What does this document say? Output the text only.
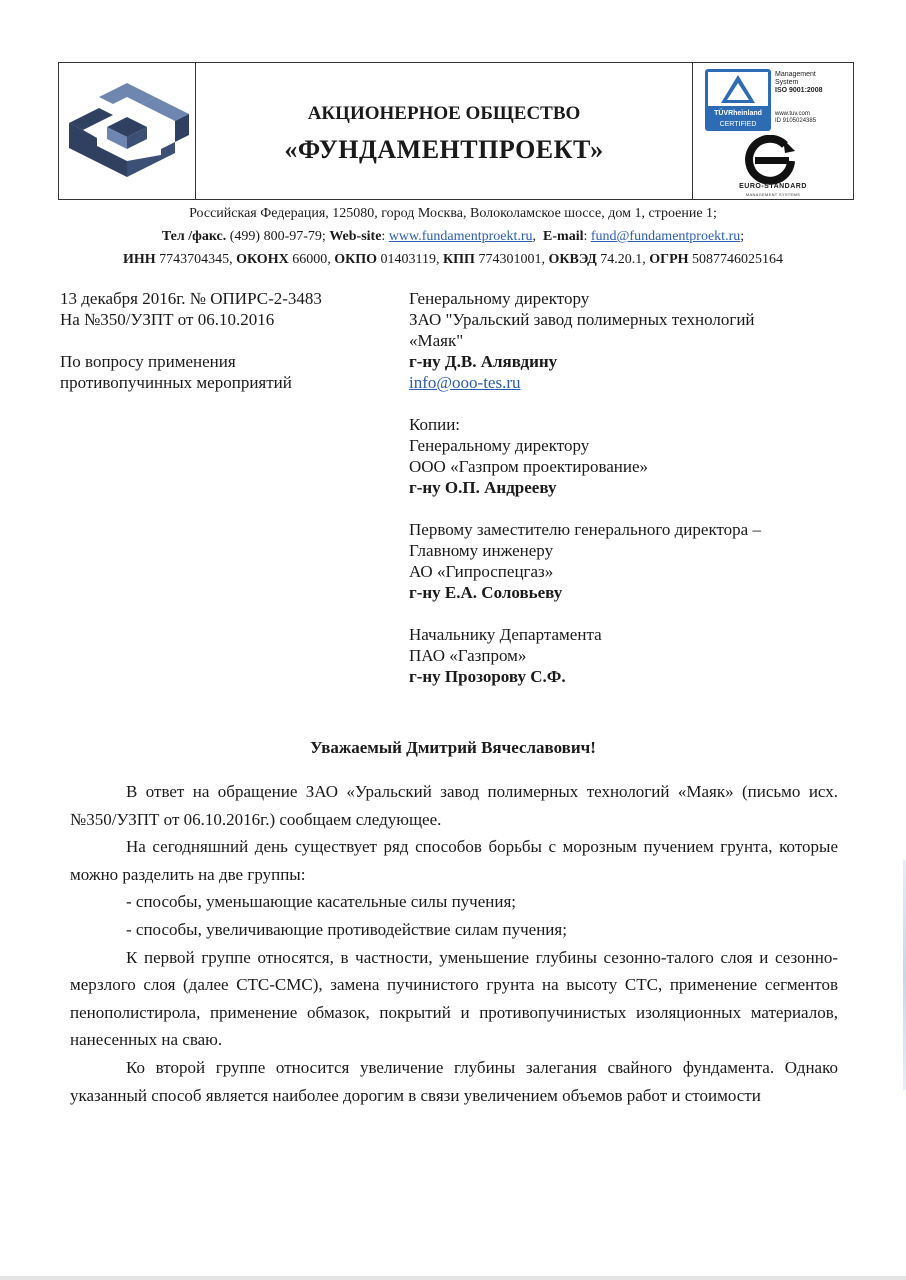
АКЦИОНЕРНОЕ ОБЩЕСТВО
«ФУНДАМЕНТПРОЕКТ»
TÜVRheinland
CERTIFIED
Management
System
ISO 9001:2008
www.tuv.com
ID 9105024385
EURO-STANDARD
MANAGEMENT SYSTEMS
Российская Федерация, 125080, город Москва, Волоколамское шоссе, дом 1, строение 1;
Тел /факс. (499) 800-97-79; Web-site: www.fundamentproekt.ru,  E-mail: fund@fundamentproekt.ru;
ИНН 7743704345, ОКОНХ 66000, ОКПО 01403119, КПП 774301001, ОКВЭД 74.20.1, ОГРН 5087746025164
13 декабря 2016г. № ОПИРС-2-3483
На №350/УЗПТ от 06.10.2016
По вопросу применения
противопучинных мероприятий
Генеральному директору
ЗАО "Уральский завод полимерных технологий
«Маяк"
г-ну Д.В. Алявдину
info@ooo-tes.ru
Копии:
Генеральному директору
ООО «Газпром проектирование»
г-ну О.П. Андрееву
Первому заместителю генерального директора –
Главному инженеру
АО «Гипроспецгаз»
г-ну Е.А. Соловьеву
Начальнику Департамента
ПАО «Газпром»
г-ну Прозорову С.Ф.
Уважаемый Дмитрий Вячеславович!

В ответ на обращение ЗАО «Уральский завод полимерных технологий «Маяк» (письмо исх. №350/УЗПТ от 06.10.2016г.) сообщаем следующее.

На сегодняшний день существует ряд способов борьбы с морозным пучением грунта, которые можно разделить на две группы:

- способы, уменьшающие касательные силы пучения;

- способы, увеличивающие противодействие силам пучения;

К первой группе относятся, в частности, уменьшение глубины сезонно-талого слоя и сезонно-мерзлого слоя (далее СТС-СМС), замена пучинистого грунта на высоту СТС, применение сегментов пенополистирола, применение обмазок, покрытий и противопучинистых изоляционных материалов, нанесенных на сваю.

Ко второй группе относится увеличение глубины залегания свайного фундамента. Однако указанный способ является наиболее дорогим в связи увеличением объемов работ и стоимости
